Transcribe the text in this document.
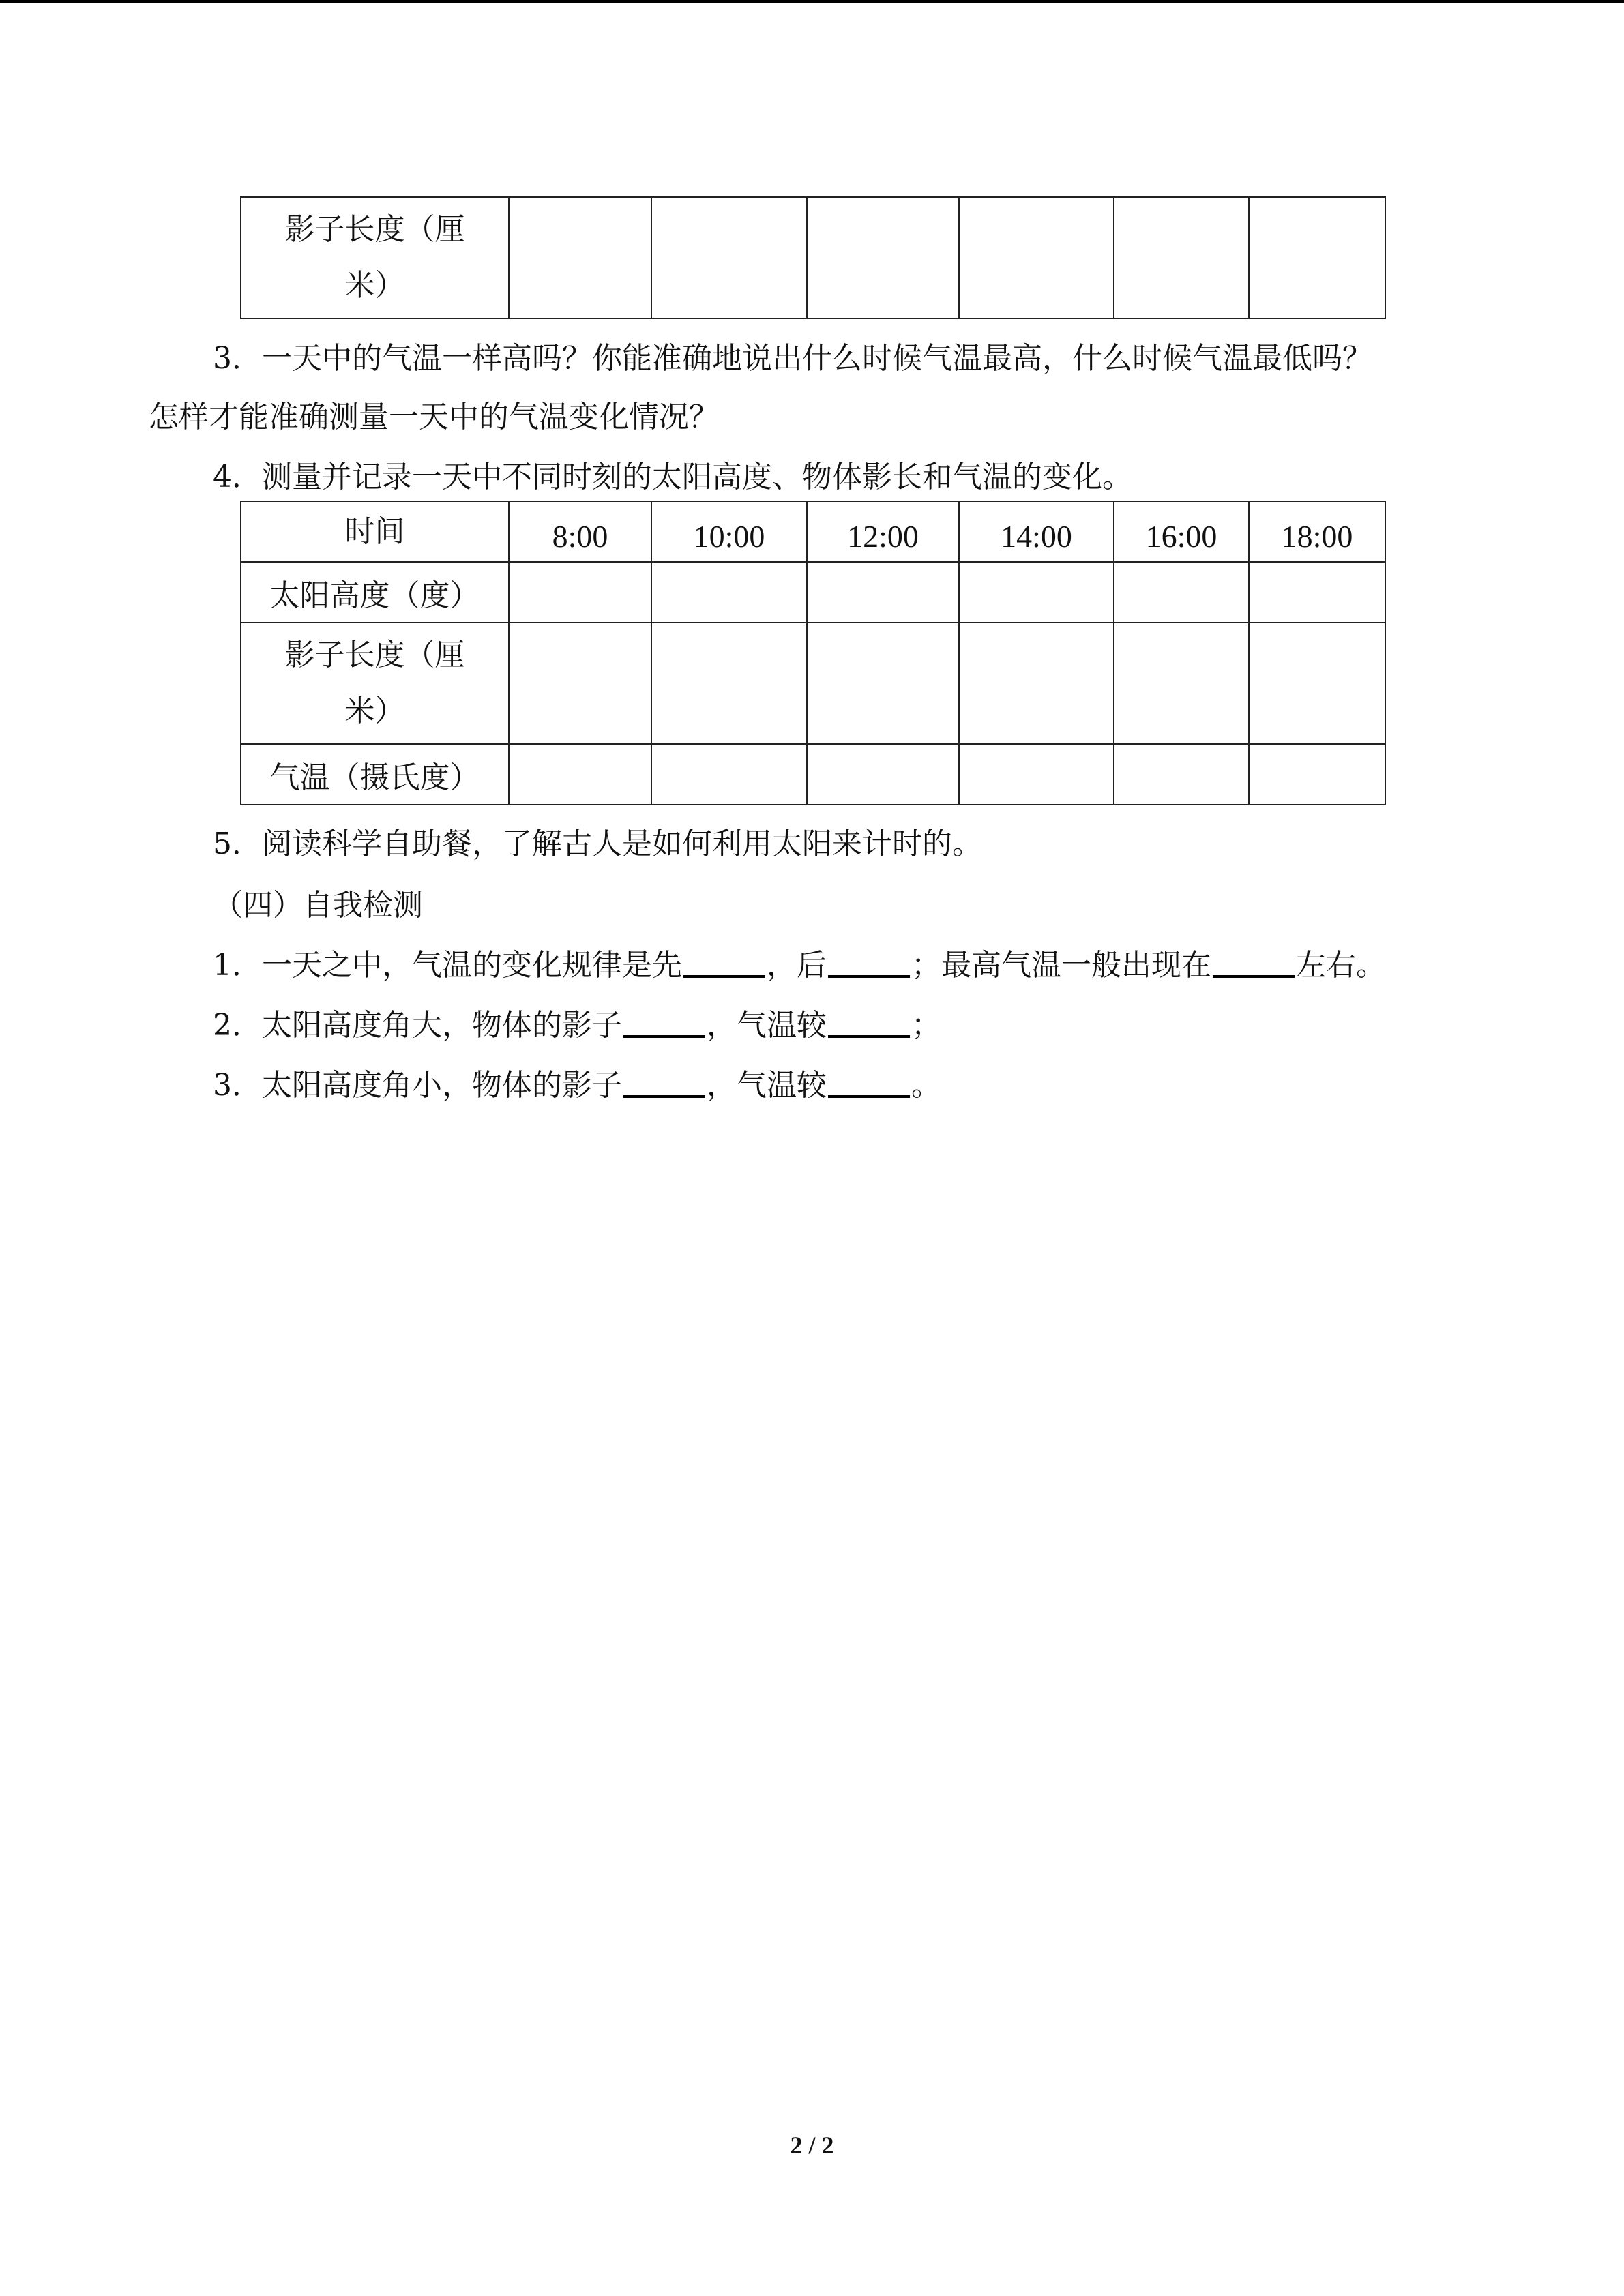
影子长度（厘
米）

3．一天中的气温一样高吗？你能准确地说出什么时候气温最高，什么时候气温最低吗？
怎样才能准确测量一天中的气温变化情况？
4．测量并记录一天中不同时刻的太阳高度、物体影长和气温的变化。
时间	8:00	10:00	12:00	14:00	16:00	18:00
太阳高度（度）						

影子长度（厘
米）						

气温（摄氏度）						
5．阅读科学自助餐，了解古人是如何利用太阳来计时的。
（四）自我检测
1．一天之中，气温的变化规律是先	，后	；最高气温一般出现在	左右。
2．太阳高度角大，物体的影子	，气温较	；
3．太阳高度角小，物体的影子	，气温较	。
2 / 2
